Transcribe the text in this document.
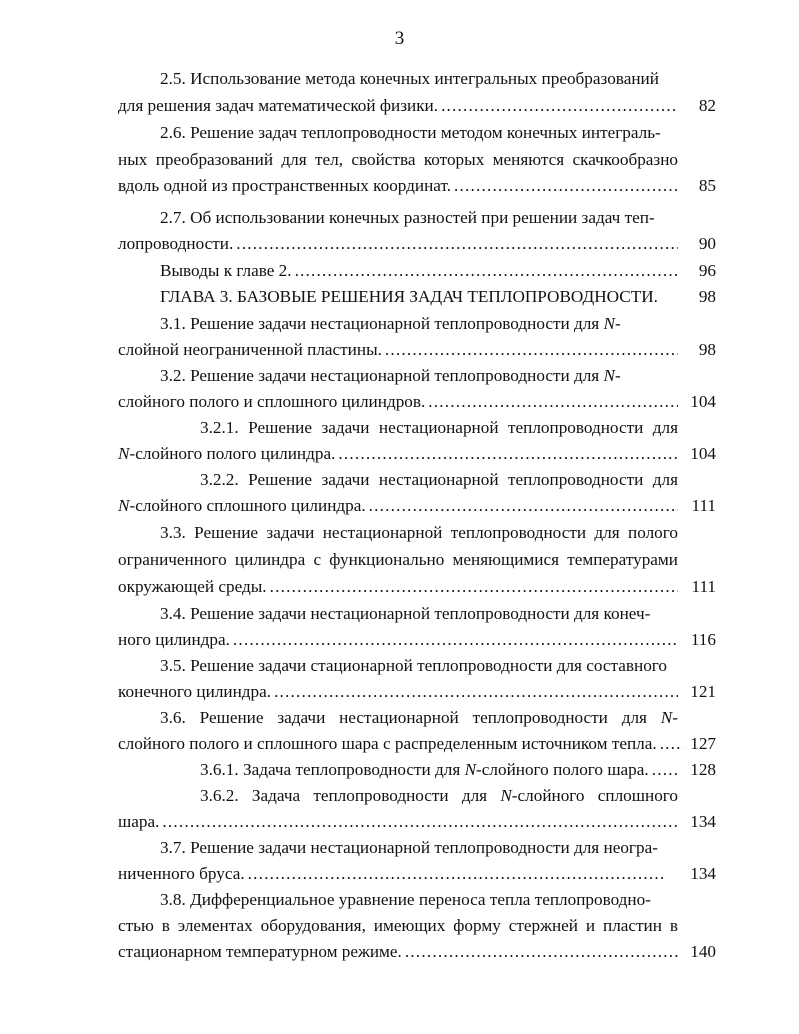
3
2.5. Использование метода конечных интегральных преобразований
для решения задач математической физики. .....	82
2.6. Решение задач теплопроводности методом конечных интеграль-
ных преобразований для тел, свойства которых меняются скачкообразно
вдоль одной из пространственных координат. .....	85
2.7. Об использовании конечных разностей при решении задач теп-
лопроводности. .....	90
Выводы к главе 2. .....	96
ГЛАВА 3. БАЗОВЫЕ РЕШЕНИЯ ЗАДАЧ ТЕПЛОПРОВОДНОСТИ.	98
3.1. Решение задачи нестационарной теплопроводности для N-
слойной неограниченной пластины. .....	98
3.2. Решение задачи нестационарной теплопроводности для N-
слойного полого и сплошного цилиндров. .....	104
3.2.1. Решение задачи нестационарной теплопроводности для
N-слойного полого цилиндра. .....	104
3.2.2. Решение задачи нестационарной теплопроводности для
N-слойного сплошного цилиндра. .....	111
3.3. Решение задачи нестационарной теплопроводности для полого
ограниченного цилиндра с функционально меняющимися температурами
окружающей среды. .....	111
3.4. Решение задачи нестационарной теплопроводности для конеч-
ного цилиндра. .....	116
3.5. Решение задачи стационарной теплопроводности для составного
конечного цилиндра. .....	121
3.6. Решение задачи нестационарной теплопроводности для N-
слойного полого и сплошного шара с распределенным источником тепла. ..... 127
3.6.1. Задача теплопроводности для N-слойного полого шара. ..... 128
3.6.2. Задача теплопроводности для N-слойного сплошного
шара. .....	134
3.7. Решение задачи нестационарной теплопроводности для неогра-
ниченного бруса. .....	134
3.8. Дифференциальное уравнение переноса тепла теплопроводно-
стью в элементах оборудования, имеющих форму стержней и пластин в
стационарном температурном режиме. .....	140
